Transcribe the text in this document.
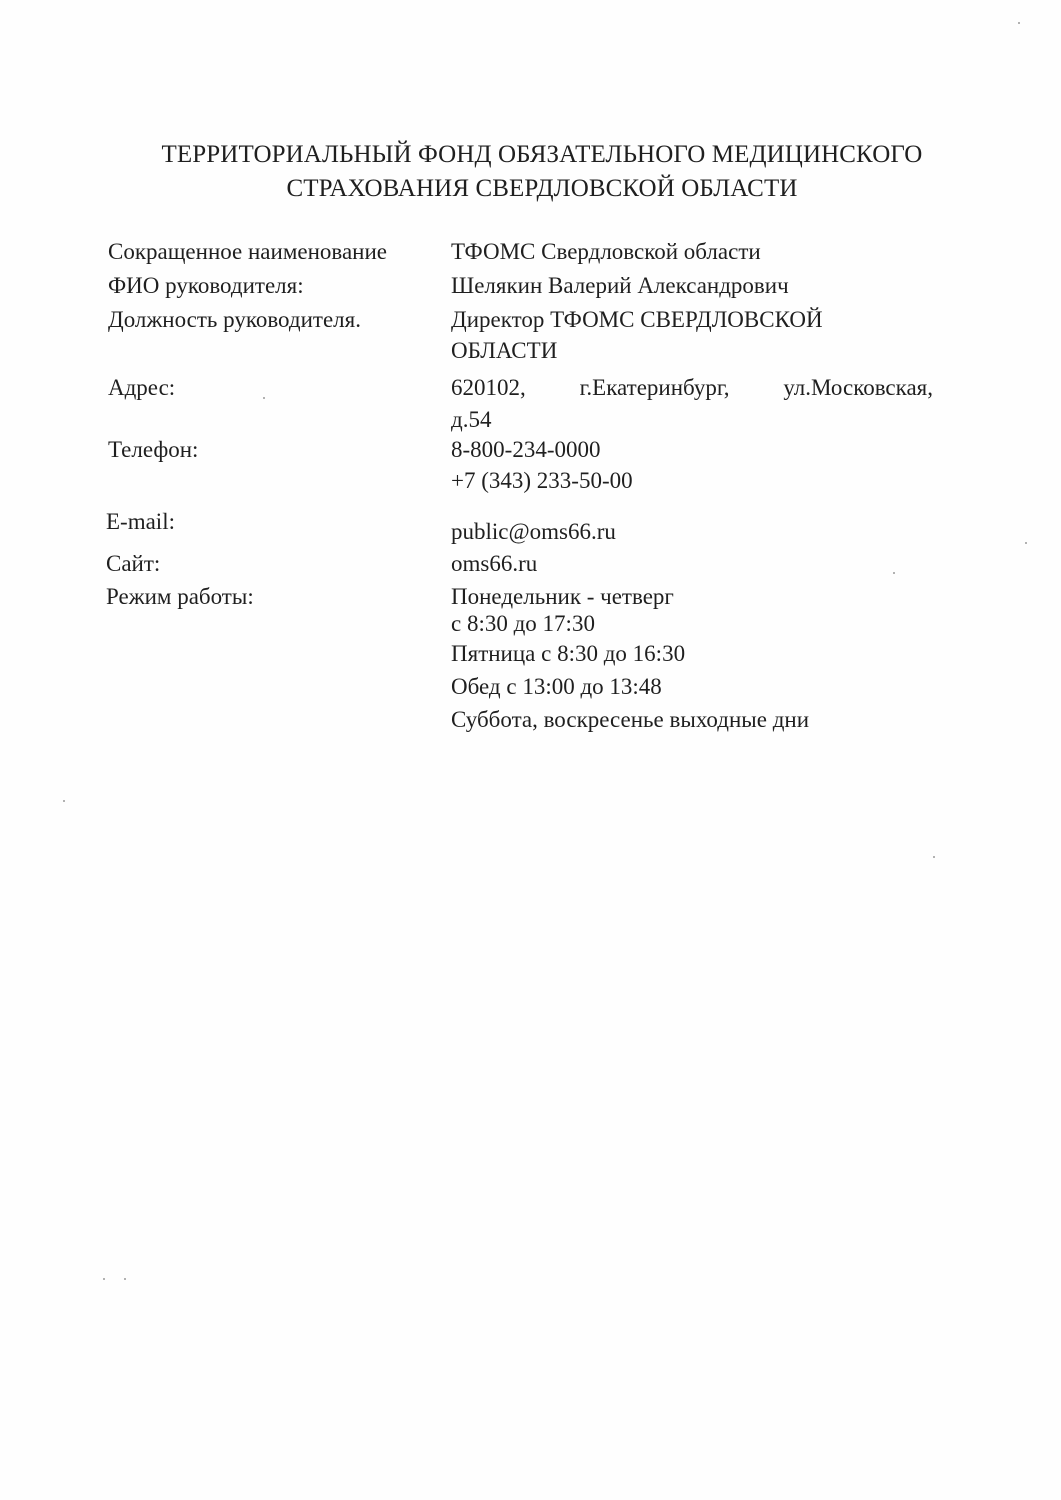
ТЕРРИТОРИАЛЬНЫЙ ФОНД ОБЯЗАТЕЛЬНОГО МЕДИЦИНСКОГО
СТРАХОВАНИЯ СВЕРДЛОВСКОЙ ОБЛАСТИ
Сокращенное наименование	ТФОМС Свердловской области
ФИО руководителя:	Шелякин Валерий Александрович
Должность руководителя.	Директор ТФОМС СВЕРДЛОВСКОЙ
ОБЛАСТИ
Адрес:	620102, г.Екатеринбург, ул.Московская,
д.54
Телефон:	8-800-234-0000
+7 (343) 233-50-00
E-mail:	public@oms66.ru
Сайт:	oms66.ru
Режим работы:	Понедельник - четверг
с 8:30 до 17:30
Пятница с 8:30 до 16:30
Обед с 13:00 до 13:48
Суббота, воскресенье выходные дни
